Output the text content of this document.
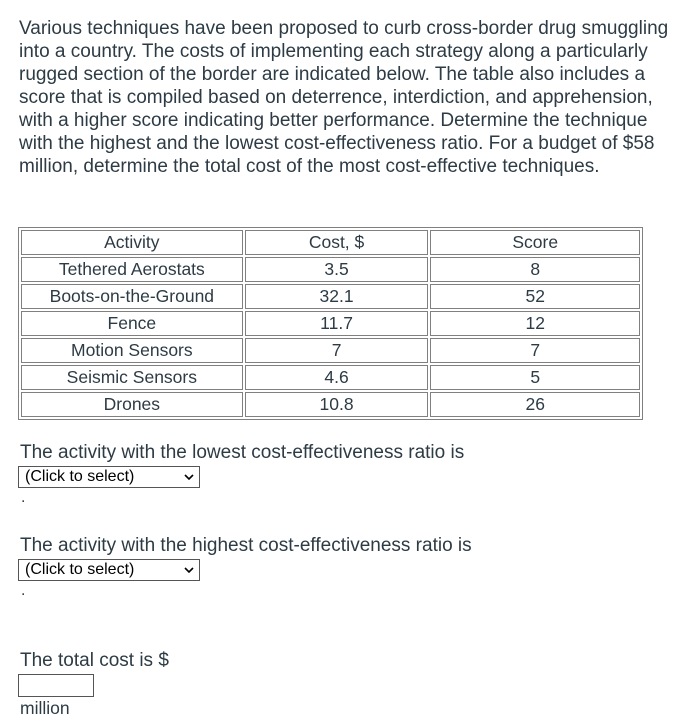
Various techniques have been proposed to curb cross-border drug smuggling into a country. The costs of implementing each strategy along a particularly rugged section of the border are indicated below. The table also includes a score that is compiled based on deterrence, interdiction, and apprehension, with a higher score indicating better performance. Determine the technique with the highest and the lowest cost-effectiveness ratio. For a budget of $58 million, determine the total cost of the most cost-effective techniques.

Activity	Cost, $	Score
Tethered Aerostats	3.5	8
Boots-on-the-Ground	32.1	52
Fence	11.7	12
Motion Sensors	7	7
Seismic Sensors	4.6	5
Drones	10.8	26

The activity with the lowest cost-effectiveness ratio is

(Click to select)
.

The activity with the highest cost-effectiveness ratio is

(Click to select)
.

The total cost is $

million
